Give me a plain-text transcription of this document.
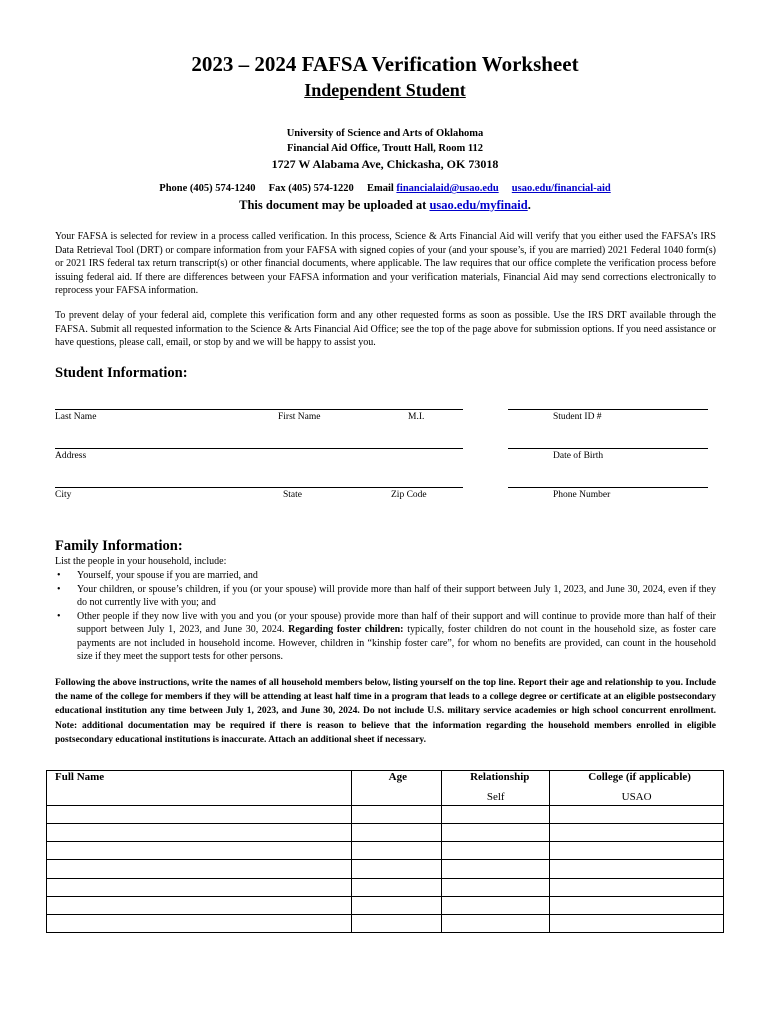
2023 – 2024 FAFSA Verification Worksheet
Independent Student
University of Science and Arts of Oklahoma
Financial Aid Office, Troutt Hall, Room 112
1727 W Alabama Ave, Chickasha, OK 73018
Phone (405) 574-1240 Fax (405) 574-1220 Email financialaid@usao.edu usao.edu/financial-aid
This document may be uploaded at usao.edu/myfinaid.
Your FAFSA is selected for review in a process called verification. In this process, Science & Arts Financial Aid will verify that you either used the FAFSA’s IRS Data Retrieval Tool (DRT) or compare information from your FAFSA with signed copies of your (and your spouse’s, if you are married) 2021 Federal 1040 form(s) or 2021 IRS federal tax return transcript(s) or other financial documents, where applicable. The law requires that our office complete the verification process before issuing federal aid. If there are differences between your FAFSA information and your verification materials, Financial Aid may send corrections electronically to reprocess your FAFSA information.
To prevent delay of your federal aid, complete this verification form and any other requested forms as soon as possible. Use the IRS DRT available through the FAFSA. Submit all requested information to the Science & Arts Financial Aid Office; see the top of the page above for submission options. If you need assistance or have questions, please call, email, or stop by and we will be happy to assist you.
Student Information:
Last Name	First Name	M.I.	Student ID #
Address	Date of Birth
City	State	Zip Code	Phone Number
Family Information:
List the people in your household, include:
• Yourself, your spouse if you are married, and
• Your children, or spouse’s children, if you (or your spouse) will provide more than half of their support between July 1, 2023, and June 30, 2024, even if they do not currently live with you; and
• Other people if they now live with you and you (or your spouse) provide more than half of their support and will continue to provide more than half of their support between July 1, 2023, and June 30, 2024. Regarding foster children: typically, foster children do not count in the household size, as foster care payments are not included in household income. However, children in “kinship foster care”, for whom no benefits are provided, can count in the household size if they meet the support tests for other persons.
Following the above instructions, write the names of all household members below, listing yourself on the top line. Report their age and relationship to you. Include the name of the college for members if they will be attending at least half time in a program that leads to a college degree or certificate at an eligible postsecondary educational institution any time between July 1, 2023, and June 30, 2024. Do not include U.S. military service academies or high school concurrent enrollment. Note: additional documentation may be required if there is reason to believe that the information regarding the household members enrolled in eligible postsecondary educational institutions is inaccurate. Attach an additional sheet if necessary.
Full Name	Age	Relationship	College (if applicable)
		Self	USAO
